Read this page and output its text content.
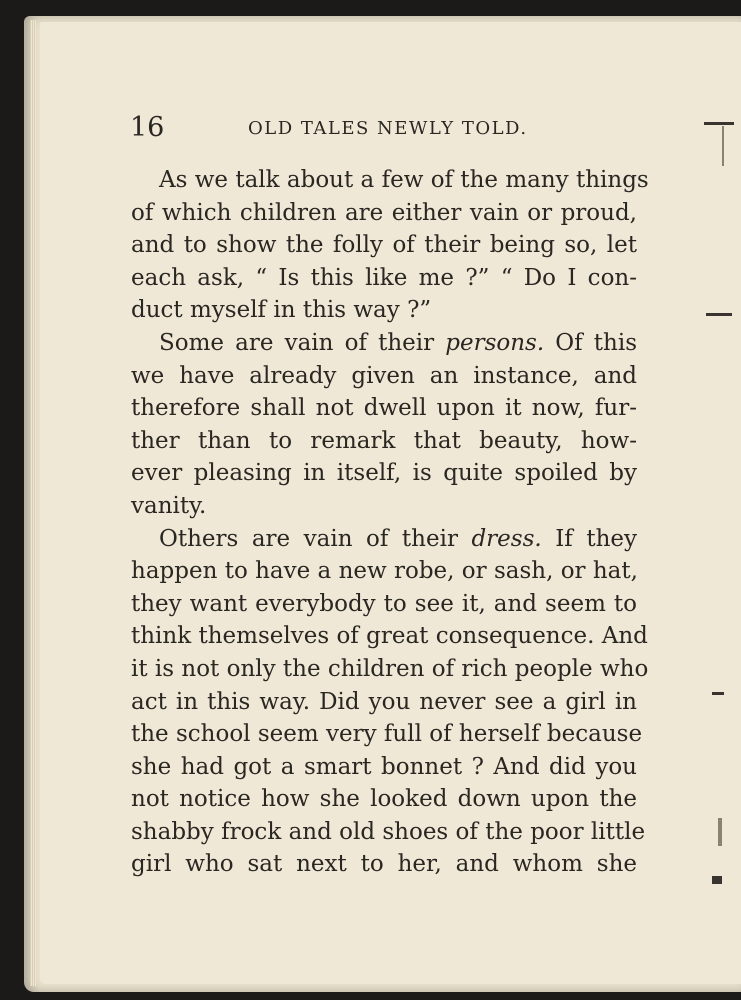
16	OLD TALES NEWLY TOLD.
As we talk about a few of the many things
of which children are either vain or proud,
and to show the folly of their being so, let
each ask, “ Is this like me ?” “ Do I con-
duct myself in this way ?”
Some are vain of their persons. Of this
we have already given an instance, and
therefore shall not dwell upon it now, fur-
ther than to remark that beauty, how-
ever pleasing in itself, is quite spoiled by
vanity.
Others are vain of their dress. If they
happen to have a new robe, or sash, or hat,
they want everybody to see it, and seem to
think themselves of great consequence. And
it is not only the children of rich people who
act in this way. Did you never see a girl in
the school seem very full of herself because
she had got a smart bonnet ? And did you
not notice how she looked down upon the
shabby frock and old shoes of the poor little
girl who sat next to her, and whom she
